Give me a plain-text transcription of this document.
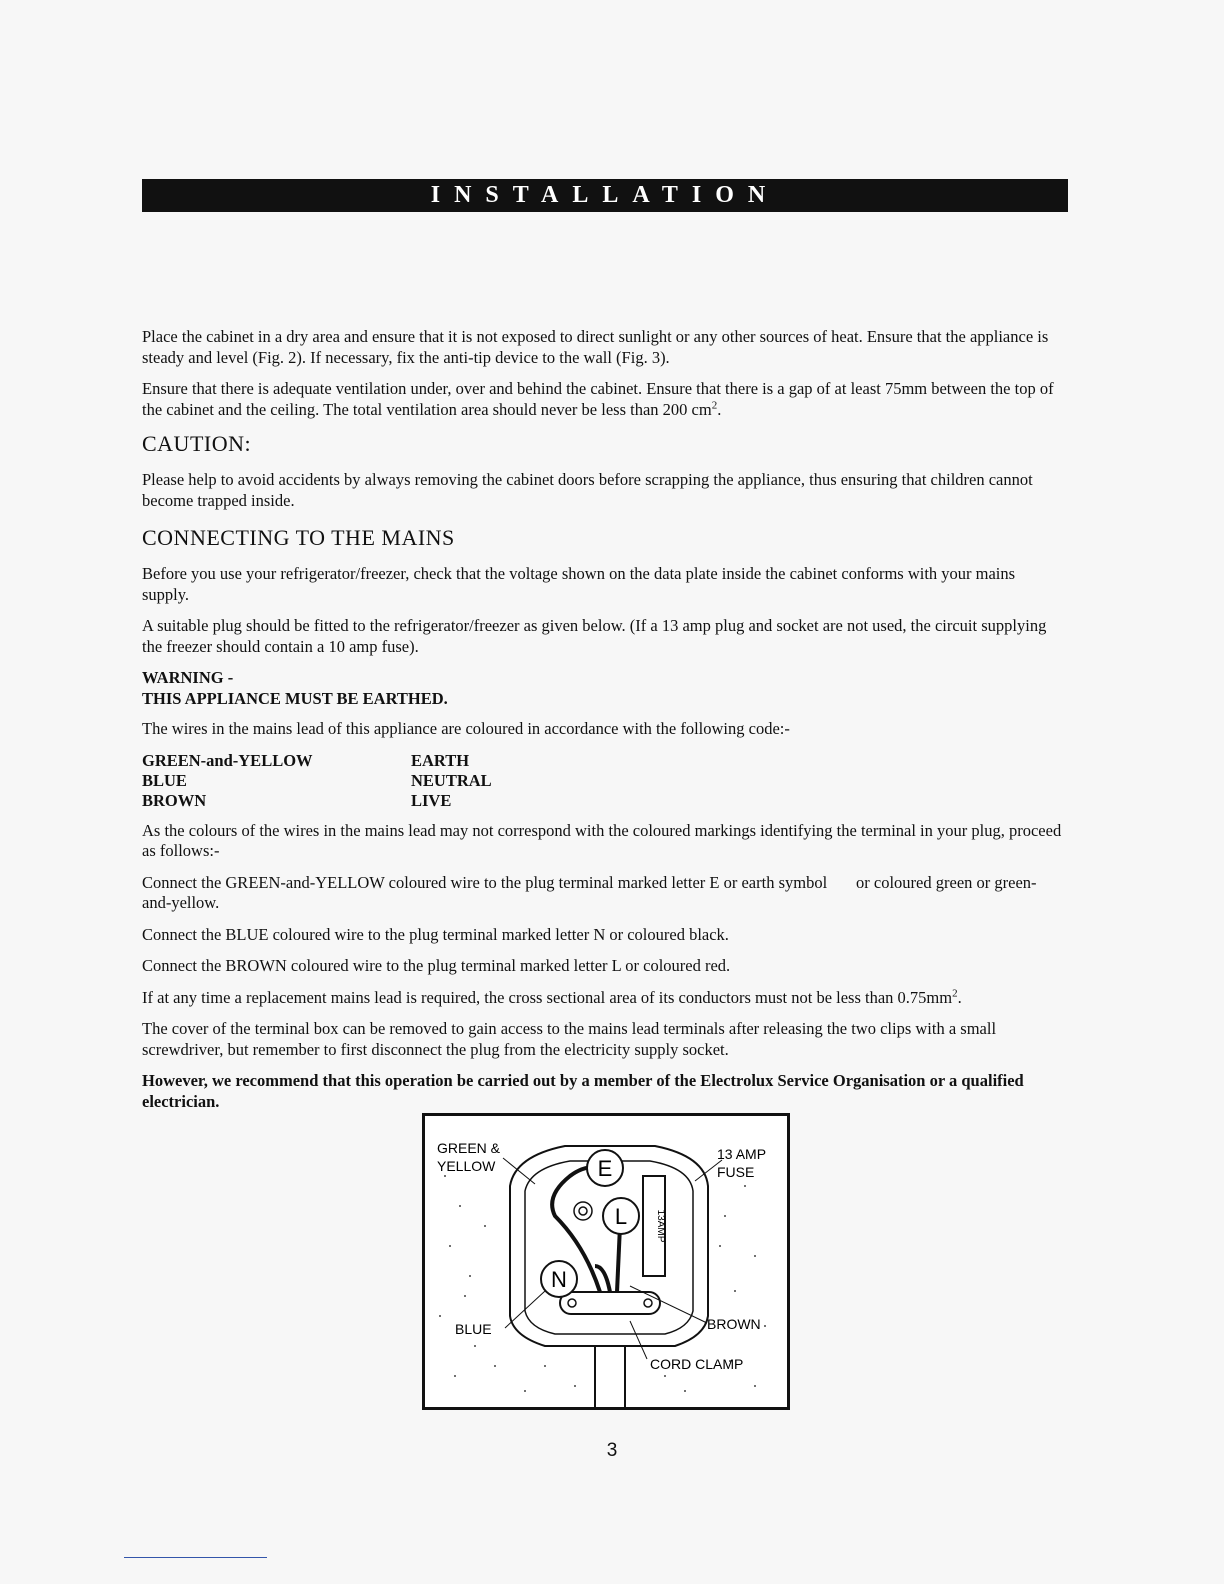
INSTALLATION

Place the cabinet in a dry area and ensure that it is not exposed to direct sunlight or any other sources of heat. Ensure that the appliance is steady and level (Fig. 2). If necessary, fix the anti-tip device to the wall (Fig. 3).

Ensure that there is adequate ventilation under, over and behind the cabinet. Ensure that there is a gap of at least 75mm between the top of the cabinet and the ceiling. The total ventilation area should never be less than 200 $cm^2$.

CAUTION:

Please help to avoid accidents by always removing the cabinet doors before scrapping the appliance, thus ensuring that children cannot become trapped inside.

CONNECTING TO THE MAINS

Before you use your refrigerator/freezer, check that the voltage shown on the data plate inside the cabinet conforms with your mains supply.

A suitable plug should be fitted to the refrigerator/freezer as given below. (If a 13 amp plug and socket are not used, the circuit supplying the freezer should contain a 10 amp fuse).

WARNING -
THIS APPLIANCE MUST BE EARTHED.

The wires in the mains lead of this appliance are coloured in accordance with the following code:-

GREEN-and-YELLOW	EARTH
BLUE	NEUTRAL
BROWN	LIVE

As the colours of the wires in the mains lead may not correspond with the coloured markings identifying the terminal in your plug, proceed as follows:-

Connect the GREEN-and-YELLOW coloured wire to the plug terminal marked letter E or earth symbol       or coloured green or green-and-yellow.

Connect the BLUE coloured wire to the plug terminal marked letter N or coloured black.

Connect the BROWN coloured wire to the plug terminal marked letter L or coloured red.

If at any time a replacement mains lead is required, the cross sectional area of its conductors must not be less than $0.75mm^2$.

The cover of the terminal box can be removed to gain access to the mains lead terminals after releasing the two clips with a small screwdriver, but remember to first disconnect the plug from the electricity supply socket.

However, we recommend that this operation be carried out by a member of the Electrolux Service Organisation or a qualified electrician.

13AMP
E
L
N
GREEN &
YELLOW
13 AMP
FUSE
BLUE	BROWN
CORD CLAMP
3
